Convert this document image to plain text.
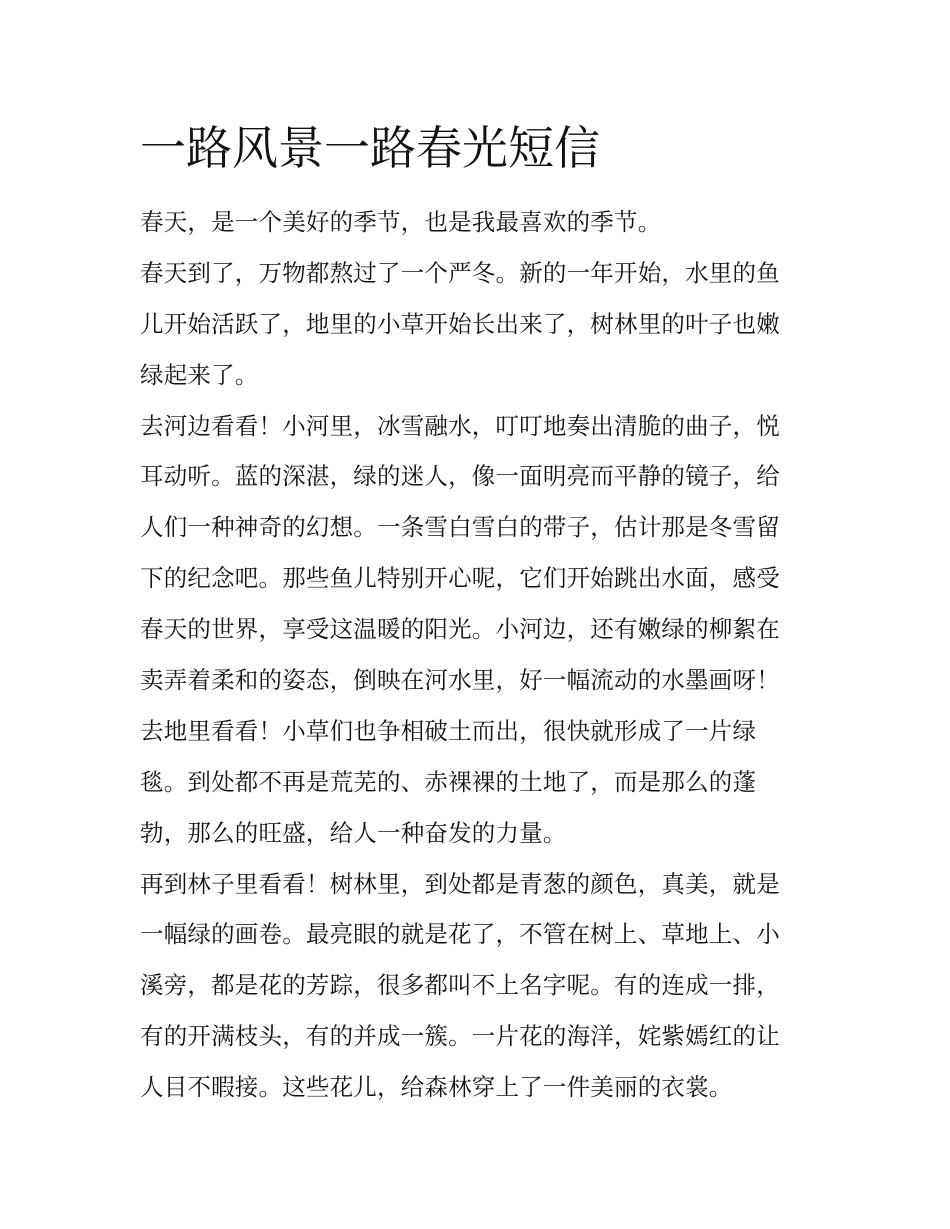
一路风景一路春光短信
春天，是一个美好的季节，也是我最喜欢的季节。
春天到了，万物都熬过了一个严冬。新的一年开始，水里的鱼
儿开始活跃了，地里的小草开始长出来了，树林里的叶子也嫩
绿起来了。
去河边看看！小河里，冰雪融水，叮叮地奏出清脆的曲子，悦
耳动听。蓝的深湛，绿的迷人，像一面明亮而平静的镜子，给
人们一种神奇的幻想。一条雪白雪白的带子，估计那是冬雪留
下的纪念吧。那些鱼儿特别开心呢，它们开始跳出水面，感受
春天的世界，享受这温暖的阳光。小河边，还有嫩绿的柳絮在
卖弄着柔和的姿态，倒映在河水里，好一幅流动的水墨画呀！
去地里看看！小草们也争相破土而出，很快就形成了一片绿
毯。到处都不再是荒芜的、赤裸裸的土地了，而是那么的蓬
勃，那么的旺盛，给人一种奋发的力量。
再到林子里看看！树林里，到处都是青葱的颜色，真美，就是
一幅绿的画卷。最亮眼的就是花了，不管在树上、草地上、小
溪旁，都是花的芳踪，很多都叫不上名字呢。有的连成一排，
有的开满枝头，有的并成一簇。一片花的海洋，姹紫嫣红的让
人目不暇接。这些花儿，给森林穿上了一件美丽的衣裳。
